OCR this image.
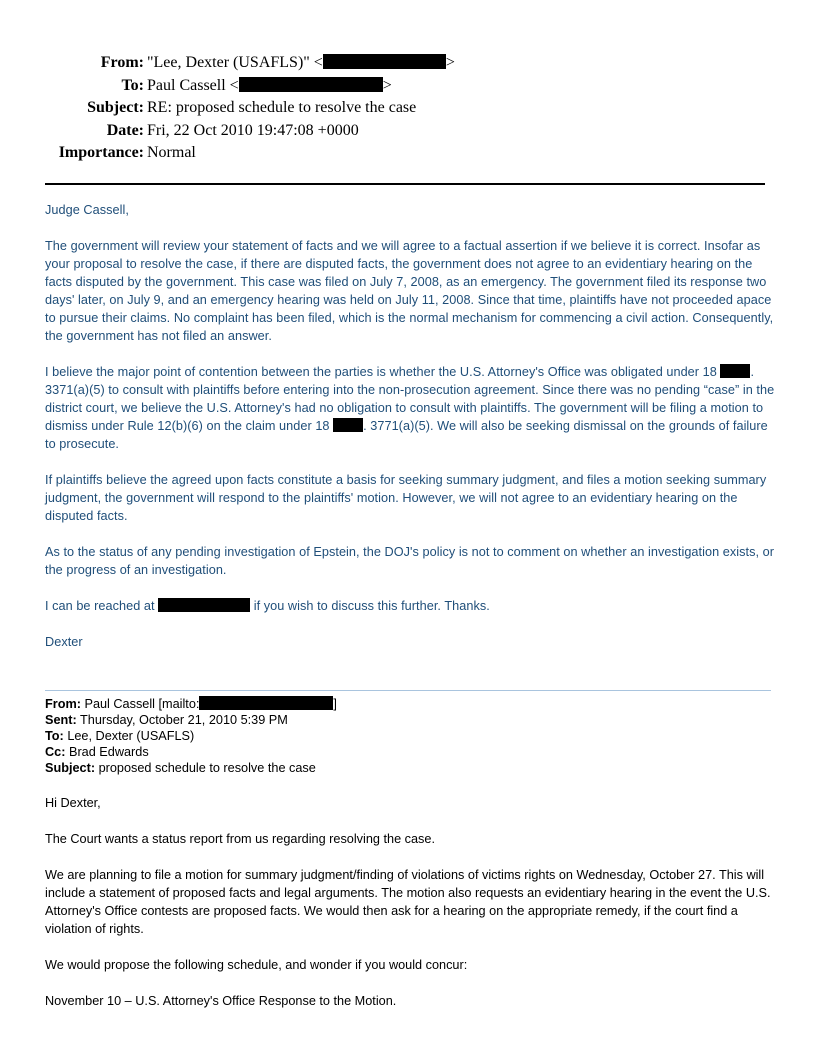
From: "Lee, Dexter (USAFLS)" <	>
To: Paul Cassell <	>
Subject: RE: proposed schedule to resolve the case
Date: Fri, 22 Oct 2010 19:47:08 +0000
Importance: Normal

Judge Cassell,

The government will review your statement of facts and we will agree to a factual assertion if we believe it is correct. Insofar as your proposal to resolve the case, if there are disputed facts, the government does not agree to an evidentiary hearing on the facts disputed by the government. This case was filed on July 7, 2008, as an emergency. The government filed its response two days' later, on July 9, and an emergency hearing was held on July 11, 2008. Since that time, plaintiffs have not proceeded apace to pursue their claims. No complaint has been filed, which is the normal mechanism for commencing a civil action. Consequently, the government has not filed an answer.

I believe the major point of contention between the parties is whether the U.S. Attorney's Office was obligated under 18 . 3371(a)(5) to consult with plaintiffs before entering into the non-prosecution agreement. Since there was no pending “case” in the district court, we believe the U.S. Attorney's had no obligation to consult with plaintiffs. The government will be filing a motion to dismiss under Rule 12(b)(6) on the claim under 18 . 3771(a)(5). We will also be seeking dismissal on the grounds of failure to prosecute.

If plaintiffs believe the agreed upon facts constitute a basis for seeking summary judgment, and files a motion seeking summary judgment, the government will respond to the plaintiffs' motion. However, we will not agree to an evidentiary hearing on the disputed facts.

As to the status of any pending investigation of Epstein, the DOJ's policy is not to comment on whether an investigation exists, or the progress of an investigation.

I can be reached at	if you wish to discuss this further. Thanks.

Dexter

From: Paul Cassell [mailto:	]
Sent: Thursday, October 21, 2010 5:39 PM
To: Lee, Dexter (USAFLS)
Cc: Brad Edwards
Subject: proposed schedule to resolve the case

Hi Dexter,

The Court wants a status report from us regarding resolving the case.

We are planning to file a motion for summary judgment/finding of violations of victims rights on Wednesday, October 27. This will include a statement of proposed facts and legal arguments. The motion also requests an evidentiary hearing in the event the U.S. Attorney's Office contests are proposed facts. We would then ask for a hearing on the appropriate remedy, if the court find a violation of rights.

We would propose the following schedule, and wonder if you would concur:

November 10 – U.S. Attorney's Office Response to the Motion.
